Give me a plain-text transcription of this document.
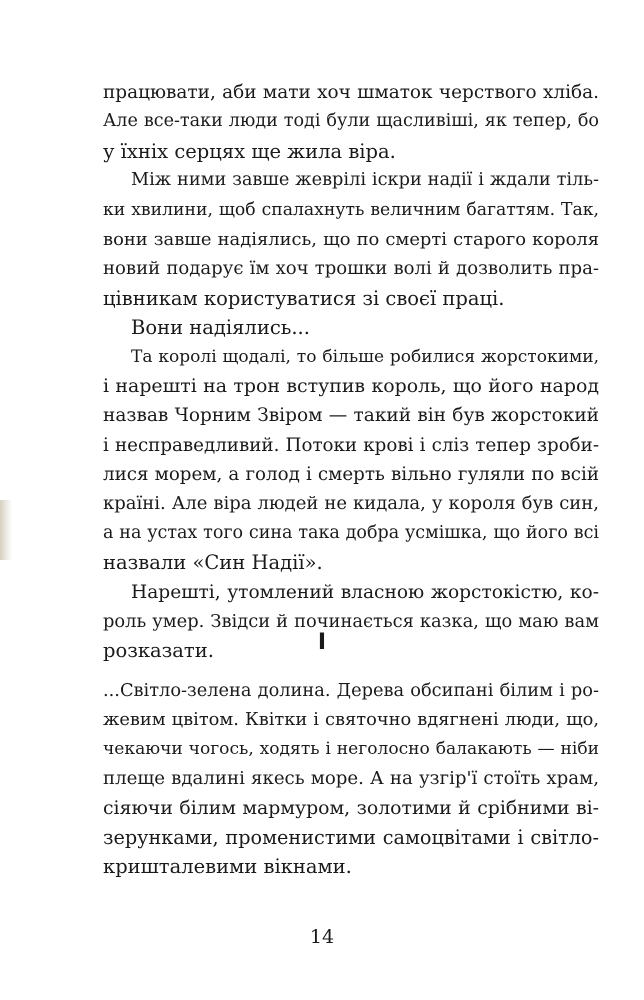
працювати, аби мати хоч шматок черствого хліба.
Але все-таки люди тоді були щасливіші, як тепер, бо
у їхніх серцях ще жила віра.
Між ними завше жеврілі іскри надії і ждали тіль-
ки хвилини, щоб спалахнуть величним багаттям. Так,
вони завше надіялись, що по смерті старого короля
новий подарує їм хоч трошки волі й дозволить пра-
цівникам користуватися зі своєї праці.
Вони надіялись...
Та королі щодалі, то більше робилися жорстокими,
і нарешті на трон вступив король, що його народ
назвав Чорним Звіром — такий він був жорстокий
і несправедливий. Потоки крові і сліз тепер зроби-
лися морем, а голод і смерть вільно гуляли по всій
країні. Але віра людей не кидала, у короля був син,
а на устах того сина така добра усмішка, що його всі
назвали «Син Надії».
Нарешті, утомлений власною жорстокістю, ко-
роль умер. Звідси й починається казка, що маю вам
розказати.	I
...Світло-зелена долина. Дерева обсипані білим і ро-
жевим цвітом. Квітки і святочно вдягнені люди, що,
чекаючи чогось, ходять і неголосно балакають — ніби
плеще вдалині якесь море. А на узгір'ї стоїть храм,
сіяючи білим мармуром, золотими й срібними ві-
зерунками, променистими самоцвітами і світло-
кришталевими вікнами.
14
